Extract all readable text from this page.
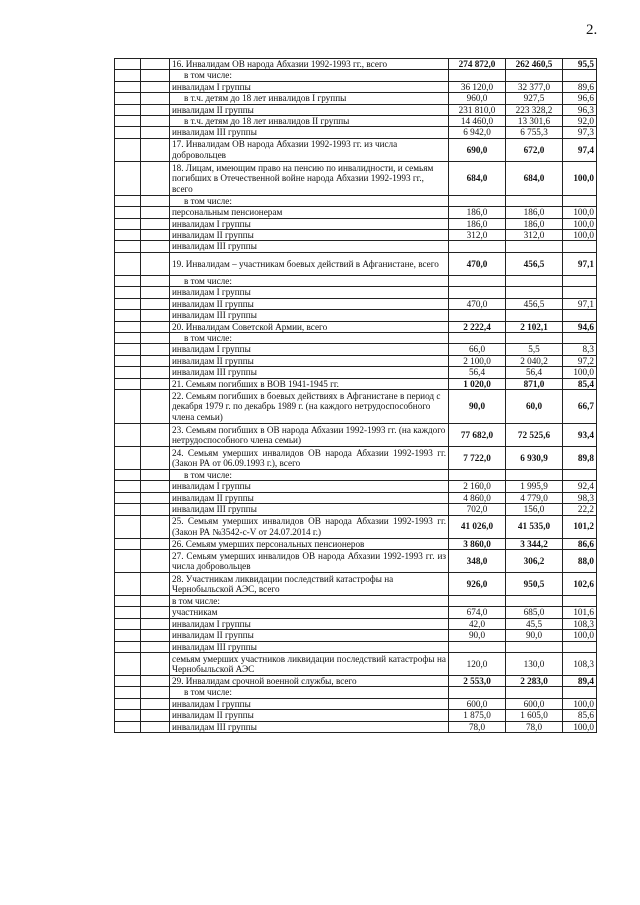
2.
		16. Инвалидам ОВ народа Абхазии 1992-1993 гг., всего	274 872,0	262 460,5	95,5
		в том числе:			
		инвалидам I группы	36 120,0	32 377,0	89,6
		в т.ч. детям до 18 лет инвалидов I группы	960,0	927,5	96,6
		инвалидам II группы	231 810,0	223 328,2	96,3
		в т.ч. детям до 18 лет инвалидов II группы	14 460,0	13 301,6	92,0
		инвалидам III группы	6 942,0	6 755,3	97,3
		17. Инвалидам ОВ народа Абхазии 1992-1993 гг. из числа добровольцев	690,0	672,0	97,4
		18. Лицам, имеющим право на пенсию по инвалидности, и семьям погибших в Отечественной войне народа Абхазии 1992-1993 гг., всего	684,0	684,0	100,0
		в том числе:			
		персональным пенсионерам	186,0	186,0	100,0
		инвалидам I группы	186,0	186,0	100,0
		инвалидам II группы	312,0	312,0	100,0
		инвалидам III группы			
		19. Инвалидам – участникам боевых действий в Афганистане, всего	470,0	456,5	97,1
		в том числе:			
		инвалидам I группы			
		инвалидам II группы	470,0	456,5	97,1
		инвалидам III группы			
		20. Инвалидам Советской Армии, всего	2 222,4	2 102,1	94,6
		в том числе:			
		инвалидам I группы	66,0	5,5	8,3
		инвалидам II группы	2 100,0	2 040,2	97,2
		инвалидам III группы	56,4	56,4	100,0
		21. Семьям погибших в ВОВ 1941-1945 гг.	1 020,0	871,0	85,4
		22. Семьям погибших в боевых действиях в Афганистане в период с декабря 1979 г. по декабрь 1989 г. (на каждого нетрудоспособного члена семьи)	90,0	60,0	66,7
		23. Семьям погибших в ОВ народа Абхазии 1992-1993 гг. (на каждого нетрудоспособного члена семьи)	77 682,0	72 525,6	93,4
		24. Семьям умерших инвалидов ОВ народа Абхазии 1992-1993 гг. (Закон РА от 06.09.1993 г.), всего	7 722,0	6 930,9	89,8
		в том числе:			
		инвалидам I группы	2 160,0	1 995,9	92,4
		инвалидам II группы	4 860,0	4 779,0	98,3
		инвалидам III группы	702,0	156,0	22,2
		25. Семьям умерших инвалидов ОВ народа Абхазии 1992-1993 гг. (Закон РА №3542-с-V от 24.07.2014 г.)	41 026,0	41 535,0	101,2
		26. Семьям умерших персональных пенсионеров	3 860,0	3 344,2	86,6
		27. Семьям умерших инвалидов ОВ народа Абхазии 1992-1993 гг. из числа добровольцев	348,0	306,2	88,0
		28. Участникам ликвидации последствий катастрофы на Чернобыльской АЭС, всего	926,0	950,5	102,6
		в том числе:			
		участникам	674,0	685,0	101,6
		инвалидам I группы	42,0	45,5	108,3
		инвалидам II группы	90,0	90,0	100,0
		инвалидам III группы			
		семьям умерших участников ликвидации последствий катастрофы на Чернобыльской АЭС	120,0	130,0	108,3
		29. Инвалидам срочной военной службы, всего	2 553,0	2 283,0	89,4
		в том числе:			
		инвалидам I группы	600,0	600,0	100,0
		инвалидам II группы	1 875,0	1 605,0	85,6
		инвалидам III группы	78,0	78,0	100,0
